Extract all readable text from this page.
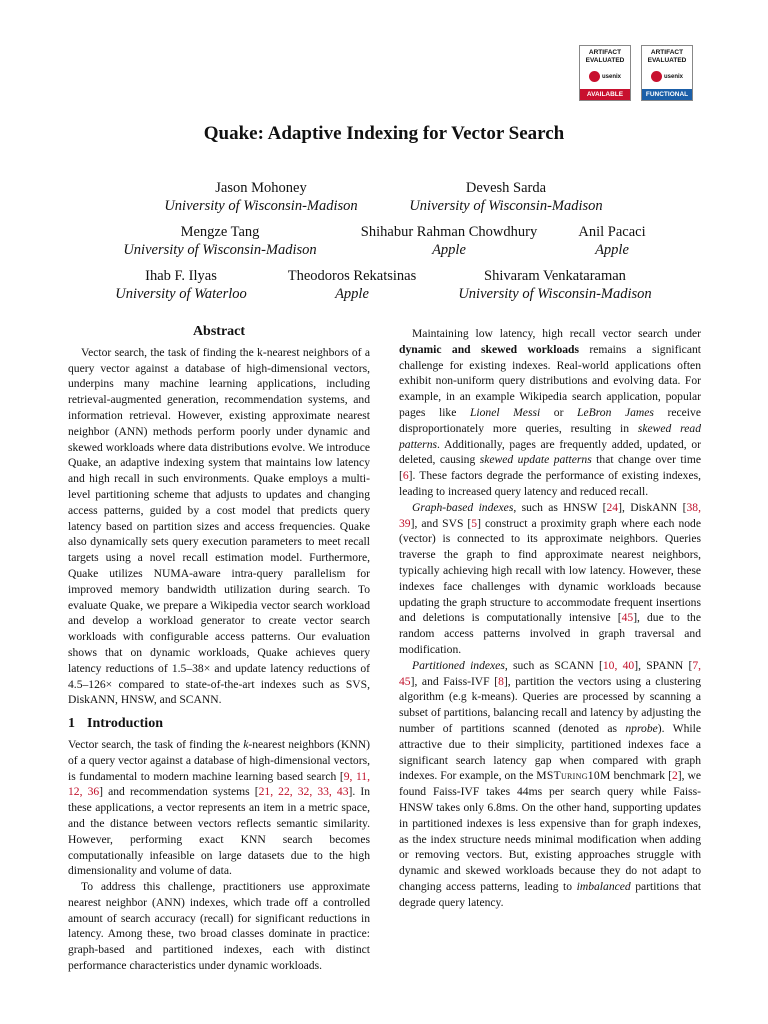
ARTIFACT
EVALUATED
usenix
AVAILABLE
ARTIFACT
EVALUATED
usenix
FUNCTIONAL
Quake: Adaptive Indexing for Vector Search
Jason Mohoney
University of Wisconsin-Madison
Devesh Sarda
University of Wisconsin-Madison
Mengze Tang
University of Wisconsin-Madison
Shihabur Rahman Chowdhury
Apple
Anil Pacaci
Apple
Ihab F. Ilyas
University of Waterloo
Theodoros Rekatsinas
Apple
Shivaram Venkataraman
University of Wisconsin-Madison
Abstract

Vector search, the task of finding the k-nearest neighbors of a query vector against a database of high-dimensional vectors, underpins many machine learning applications, including retrieval-augmented generation, recommendation systems, and information retrieval. However, existing approximate nearest neighbor (ANN) methods perform poorly under dynamic and skewed workloads where data distributions evolve. We introduce Quake, an adaptive indexing system that maintains low latency and high recall in such environments. Quake employs a multi-level partitioning scheme that adjusts to updates and changing access patterns, guided by a cost model that predicts query latency based on partition sizes and access frequencies. Quake also dynamically sets query execution parameters to meet recall targets using a novel recall estimation model. Furthermore, Quake utilizes NUMA-aware intra-query parallelism for improved memory bandwidth utilization during search. To evaluate Quake, we prepare a Wikipedia vector search workload and develop a workload generator to create vector search workloads with configurable access patterns. Our evaluation shows that on dynamic workloads, Quake achieves query latency reductions of 1.5–38× and update latency reductions of 4.5–126× compared to state-of-the-art indexes such as SVS, DiskANN, HNSW, and SCANN.

1 Introduction

Vector search, the task of finding the k-nearest neighbors (KNN) of a query vector against a database of high-dimensional vectors, is fundamental to modern machine learning based search [9, 11, 12, 36] and recommendation systems [21, 22, 32, 33, 43]. In these applications, a vector represents an item in a metric space, and the distance between vectors reflects semantic similarity. However, performing exact KNN search becomes computationally infeasible on large datasets due to the high dimensionality and volume of data.

To address this challenge, practitioners use approximate nearest neighbor (ANN) indexes, which trade off a controlled amount of search accuracy (recall) for significant reductions in latency. Among these, two broad classes dominate in practice: graph-based and partitioned indexes, each with distinct performance characteristics under dynamic workloads.

Maintaining low latency, high recall vector search under dynamic and skewed workloads remains a significant challenge for existing indexes. Real-world applications often exhibit non-uniform query distributions and evolving data. For example, in an example Wikipedia search application, popular pages like Lionel Messi or LeBron James receive disproportionately more queries, resulting in skewed read patterns. Additionally, pages are frequently added, updated, or deleted, causing skewed update patterns that change over time [6]. These factors degrade the performance of existing indexes, leading to increased query latency and reduced recall.

Graph-based indexes, such as HNSW [24], DiskANN [38, 39], and SVS [5] construct a proximity graph where each node (vector) is connected to its approximate neighbors. Queries traverse the graph to find approximate nearest neighbors, typically achieving high recall with low latency. However, these indexes face challenges with dynamic workloads because updating the graph structure to accommodate frequent insertions and deletions is computationally intensive [45], due to the random access patterns involved in graph traversal and modification.

Partitioned indexes, such as SCANN [10, 40], SPANN [7, 45], and Faiss-IVF [8], partition the vectors using a clustering algorithm (e.g k-means). Queries are processed by scanning a subset of partitions, balancing recall and latency by adjusting the number of partitions scanned (denoted as nprobe). While attractive due to their simplicity, partitioned indexes face a significant search latency gap when compared with graph indexes. For example, on the MSTuring10M benchmark [2], we found Faiss-IVF takes 44ms per search query while Faiss-HNSW takes only 6.8ms. On the other hand, supporting updates in partitioned indexes is less expensive than for graph indexes, as the index structure needs minimal modification when adding or removing vectors. But, existing approaches struggle with dynamic and skewed workloads because they do not adapt to changing access patterns, leading to imbalanced partitions that degrade query latency.
